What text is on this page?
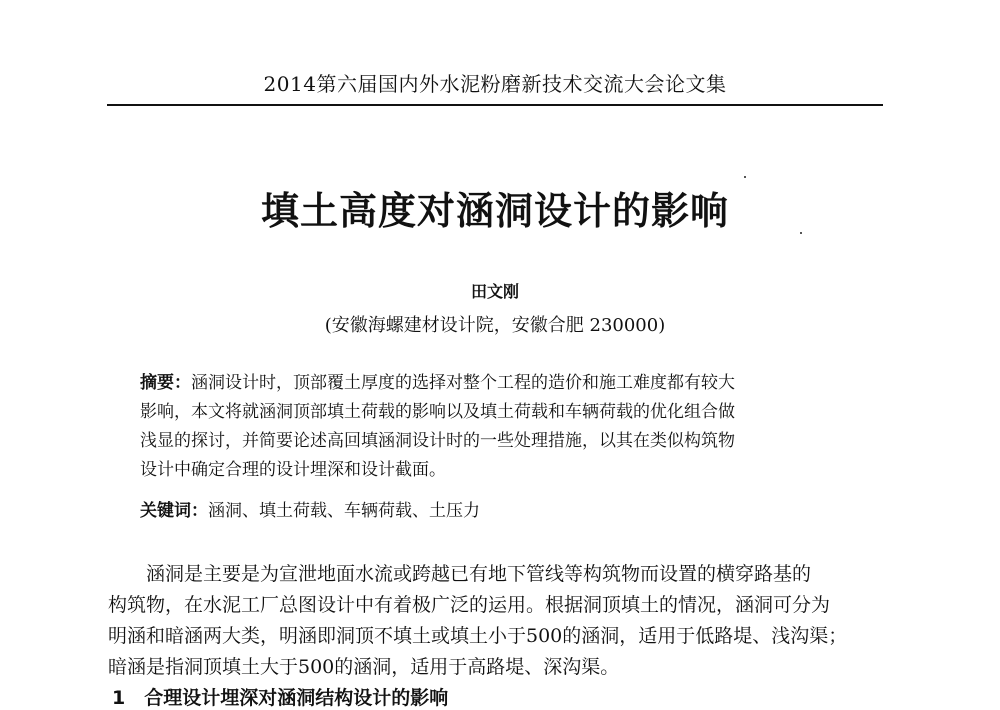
2014第六届国内外水泥粉磨新技术交流大会论文集
填土高度对涵洞设计的影响
田文刚
(安徽海螺建材设计院，安徽合肥 230000)
摘要：涵洞设计时，顶部覆土厚度的选择对整个工程的造价和施工难度都有较大
影响，本文将就涵洞顶部填土荷载的影响以及填土荷载和车辆荷载的优化组合做
浅显的探讨，并简要论述高回填涵洞设计时的一些处理措施，以其在类似构筑物
设计中确定合理的设计埋深和设计截面。
关键词：涵洞、填土荷载、车辆荷载、土压力
　　涵洞是主要是为宣泄地面水流或跨越已有地下管线等构筑物而设置的横穿路基的
构筑物，在水泥工厂总图设计中有着极广泛的运用。根据洞顶填土的情况，涵洞可分为
明涵和暗涵两大类，明涵即洞顶不填土或填土小于500的涵洞，适用于低路堤、浅沟渠；
暗涵是指洞顶填土大于500的涵洞，适用于高路堤、深沟渠。
1　合理设计埋深对涵洞结构设计的影响
